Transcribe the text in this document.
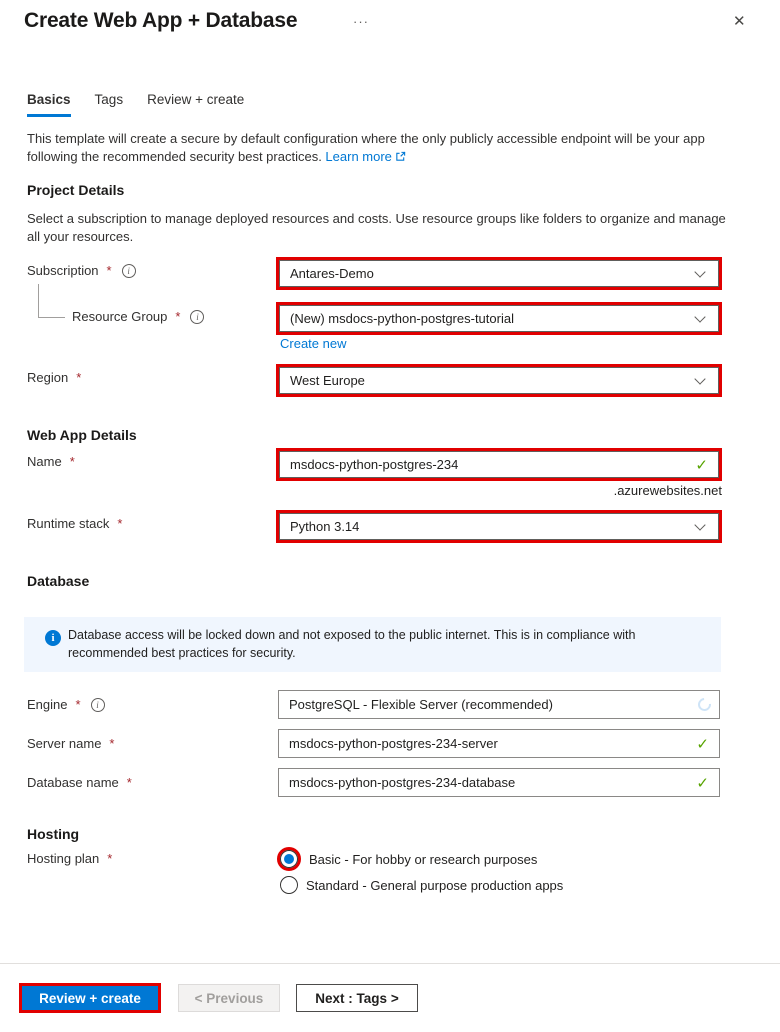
Create Web App + Database	···	✕
Basics Tags Review + create
This template will create a secure by default configuration where the only publicly accessible endpoint will be your app following the recommended security best practices. Learn more
Project Details
Select a subscription to manage deployed resources and costs. Use resource groups like folders to organize and manage all your resources.
Subscription *	i	Antares-Demo
Resource Group *	i	(New) msdocs-python-postgres-tutorial
Create new
Region *	West Europe
Web App Details
Name *	msdocs-python-postgres-234	✓
.azurewebsites.net
Runtime stack *	Python 3.14
Database
i	Database access will be locked down and not exposed to the public internet. This is in compliance with recommended best practices for security.
Engine *	i	PostgreSQL - Flexible Server (recommended)
Server name *	msdocs-python-postgres-234-server	✓
Database name *	msdocs-python-postgres-234-database	✓
Hosting
Hosting plan *	Basic - For hobby or research purposes
Standard - General purpose production apps
Review + create	< Previous	Next : Tags >
